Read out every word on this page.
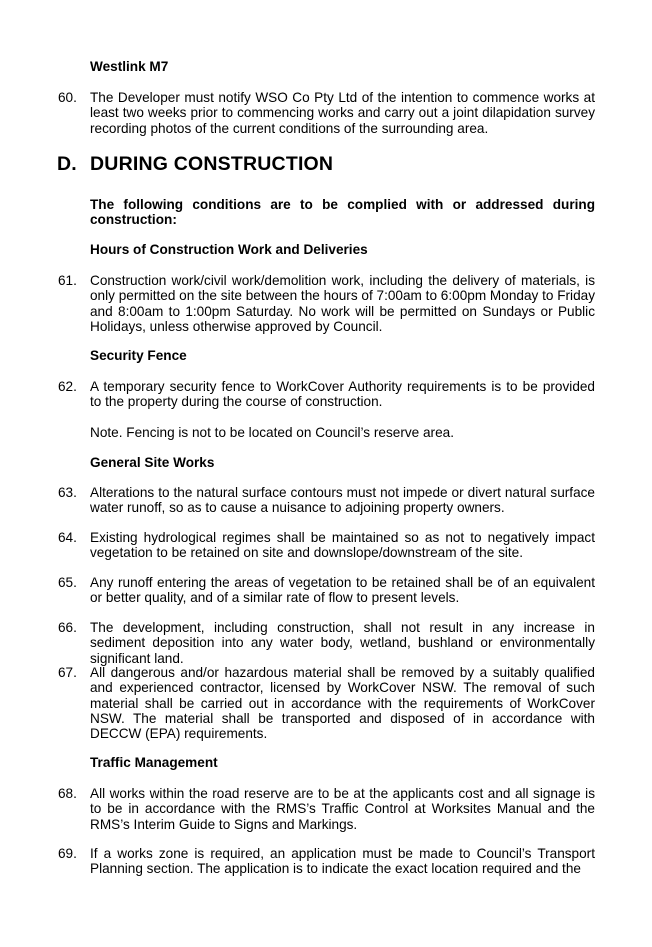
Westlink M7
60. The Developer must notify WSO Co Pty Ltd of the intention to commence works at least two weeks prior to commencing works and carry out a joint dilapidation survey recording photos of the current conditions of the surrounding area.
D. DURING CONSTRUCTION
The following conditions are to be complied with or addressed during construction:
Hours of Construction Work and Deliveries
61. Construction work/civil work/demolition work, including the delivery of materials, is only permitted on the site between the hours of 7:00am to 6:00pm Monday to Friday and 8:00am to 1:00pm Saturday. No work will be permitted on Sundays or Public Holidays, unless otherwise approved by Council.
Security Fence
62. A temporary security fence to WorkCover Authority requirements is to be provided to the property during the course of construction.
Note. Fencing is not to be located on Council’s reserve area.
General Site Works
63. Alterations to the natural surface contours must not impede or divert natural surface water runoff, so as to cause a nuisance to adjoining property owners.
64. Existing hydrological regimes shall be maintained so as not to negatively impact vegetation to be retained on site and downslope/downstream of the site.
65. Any runoff entering the areas of vegetation to be retained shall be of an equivalent or better quality, and of a similar rate of flow to present levels.
66. The development, including construction, shall not result in any increase in sediment deposition into any water body, wetland, bushland or environmentally significant land.
67. All dangerous and/or hazardous material shall be removed by a suitably qualified and experienced contractor, licensed by WorkCover NSW. The removal of such material shall be carried out in accordance with the requirements of WorkCover NSW. The material shall be transported and disposed of in accordance with DECCW (EPA) requirements.
Traffic Management
68. All works within the road reserve are to be at the applicants cost and all signage is to be in accordance with the RMS’s Traffic Control at Worksites Manual and the RMS’s Interim Guide to Signs and Markings.
69. If a works zone is required, an application must be made to Council’s Transport Planning section. The application is to indicate the exact location required and the
